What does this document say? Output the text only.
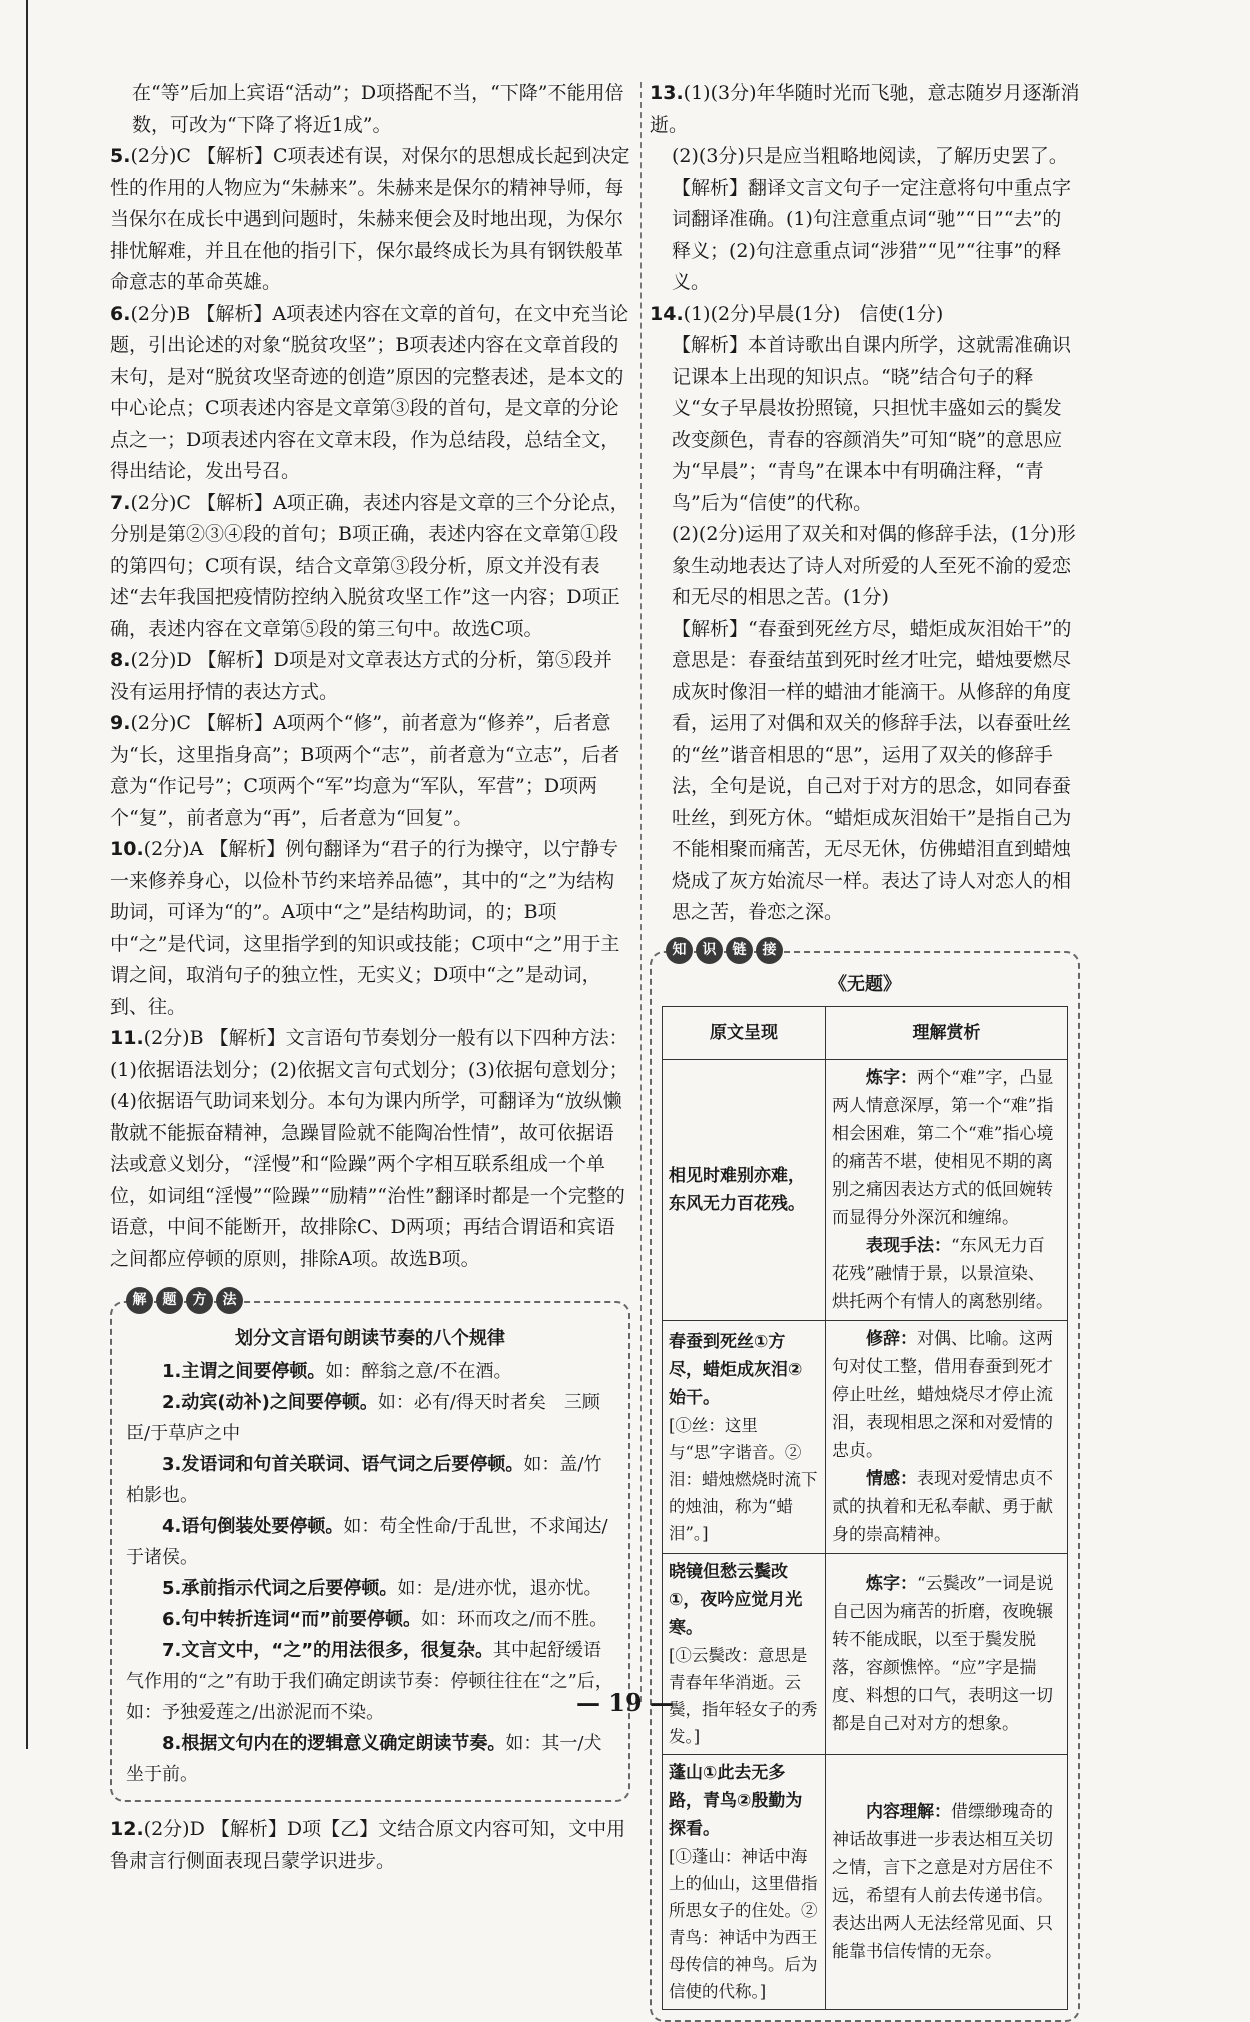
在“等”后加上宾语“活动”；D项搭配不当，“下降”不能用倍数，可改为“下降了将近1成”。

5.(2分)C 【解析】C项表述有误，对保尔的思想成长起到决定性的作用的人物应为“朱赫来”。朱赫来是保尔的精神导师，每当保尔在成长中遇到问题时，朱赫来便会及时地出现，为保尔排忧解难，并且在他的指引下，保尔最终成长为具有钢铁般革命意志的革命英雄。

6.(2分)B 【解析】A项表述内容在文章的首句，在文中充当论题，引出论述的对象“脱贫攻坚”；B项表述内容在文章首段的末句，是对“脱贫攻坚奇迹的创造”原因的完整表述，是本文的中心论点；C项表述内容是文章第③段的首句，是文章的分论点之一；D项表述内容在文章末段，作为总结段，总结全文，得出结论，发出号召。

7.(2分)C 【解析】A项正确，表述内容是文章的三个分论点，分别是第②③④段的首句；B项正确，表述内容在文章第①段的第四句；C项有误，结合文章第③段分析，原文并没有表述“去年我国把疫情防控纳入脱贫攻坚工作”这一内容；D项正确，表述内容在文章第⑤段的第三句中。故选C项。

8.(2分)D 【解析】D项是对文章表达方式的分析，第⑤段并没有运用抒情的表达方式。

9.(2分)C 【解析】A项两个“修”，前者意为“修养”，后者意为“长，这里指身高”；B项两个“志”，前者意为“立志”，后者意为“作记号”；C项两个“军”均意为“军队，军营”；D项两个“复”，前者意为“再”，后者意为“回复”。

10.(2分)A 【解析】例句翻译为“君子的行为操守，以宁静专一来修养身心，以俭朴节约来培养品德”，其中的“之”为结构助词，可译为“的”。A项中“之”是结构助词，的；B项中“之”是代词，这里指学到的知识或技能；C项中“之”用于主谓之间，取消句子的独立性，无实义；D项中“之”是动词，到、往。

11.(2分)B 【解析】文言语句节奏划分一般有以下四种方法：(1)依据语法划分；(2)依据文言句式划分；(3)依据句意划分；(4)依据语气助词来划分。本句为课内所学，可翻译为“放纵懒散就不能振奋精神，急躁冒险就不能陶冶性情”，故可依据语法或意义划分，“淫慢”和“险躁”两个字相互联系组成一个单位，如词组“淫慢”“险躁”“励精”“治性”翻译时都是一个完整的语意，中间不能断开，故排除C、D两项；再结合谓语和宾语之间都应停顿的原则，排除A项。故选B项。

解	题	方	法
划分文言语句朗读节奏的八个规律

1.主谓之间要停顿。如：醉翁之意/不在酒。

2.动宾(动补)之间要停顿。如：必有/得天时者矣　三顾臣/于草庐之中

3.发语词和句首关联词、语气词之后要停顿。如：盖/竹柏影也。

4.语句倒装处要停顿。如：苟全性命/于乱世，不求闻达/于诸侯。

5.承前指示代词之后要停顿。如：是/进亦忧，退亦忧。

6.句中转折连词“而”前要停顿。如：环而攻之/而不胜。

7.文言文中，“之”的用法很多，很复杂。其中起舒缓语气作用的“之”有助于我们确定朗读节奏：停顿往往在“之”后，如：予独爱莲之/出淤泥而不染。

8.根据文句内在的逻辑意义确定朗读节奏。如：其一/犬坐于前。

12.(2分)D 【解析】D项【乙】文结合原文内容可知，文中用鲁肃言行侧面表现吕蒙学识进步。

13.(1)(3分)年华随时光而飞驰，意志随岁月逐渐消逝。

(2)(3分)只是应当粗略地阅读，了解历史罢了。

【解析】翻译文言文句子一定注意将句中重点字词翻译准确。(1)句注意重点词“驰”“日”“去”的释义；(2)句注意重点词“涉猎”“见”“往事”的释义。

14.(1)(2分)早晨(1分)　信使(1分)

【解析】本首诗歌出自课内所学，这就需准确识记课本上出现的知识点。“晓”结合句子的释义“女子早晨妆扮照镜，只担忧丰盛如云的鬓发改变颜色，青春的容颜消失”可知“晓”的意思应为“早晨”；“青鸟”在课本中有明确注释，“青鸟”后为“信使”的代称。

(2)(2分)运用了双关和对偶的修辞手法，(1分)形象生动地表达了诗人对所爱的人至死不渝的爱恋和无尽的相思之苦。(1分)

【解析】“春蚕到死丝方尽，蜡炬成灰泪始干”的意思是：春蚕结茧到死时丝才吐完，蜡烛要燃尽成灰时像泪一样的蜡油才能滴干。从修辞的角度看，运用了对偶和双关的修辞手法，以春蚕吐丝的“丝”谐音相思的“思”，运用了双关的修辞手法，全句是说，自己对于对方的思念，如同春蚕吐丝，到死方休。“蜡炬成灰泪始干”是指自己为不能相聚而痛苦，无尽无休，仿佛蜡泪直到蜡烛烧成了灰方始流尽一样。表达了诗人对恋人的相思之苦，眷恋之深。

知	识	链	接
《无题》
原文呈现	理解赏析

相见时难别亦难，东风无力百花残。	炼字：两个“难”字，凸显两人情意深厚，第一个“难”指相会困难，第二个“难”指心境的痛苦不堪，使相见不期的离别之痛因表达方式的低回婉转而显得分外深沉和缠绵。
表现手法：“东风无力百花残”融情于景，以景渲染、烘托两个有情人的离愁别绪。

春蚕到死丝①方尽，蜡炬成灰泪②始干。
[①丝：这里与“思”字谐音。②泪：蜡烛燃烧时流下的烛油，称为“蜡泪”。]	修辞：对偶、比喻。这两句对仗工整，借用春蚕到死才停止吐丝，蜡烛烧尽才停止流泪，表现相思之深和对爱情的忠贞。
情感：表现对爱情忠贞不贰的执着和无私奉献、勇于献身的崇高精神。

晓镜但愁云鬓改①，夜吟应觉月光寒。
[①云鬓改：意思是青春年华消逝。云鬓，指年轻女子的秀发。]	炼字：“云鬓改”一词是说自己因为痛苦的折磨，夜晚辗转不能成眠，以至于鬓发脱落，容颜憔悴。“应”字是揣度、料想的口气，表明这一切都是自己对对方的想象。

蓬山①此去无多路，青鸟②殷勤为探看。
[①蓬山：神话中海上的仙山，这里借指所思女子的住处。②青鸟：神话中为西王母传信的神鸟。后为信使的代称。]	内容理解：借缥缈瑰奇的神话故事进一步表达相互关切之情，言下之意是对方居住不远，希望有人前去传递书信。表达出两人无法经常见面、只能靠书信传情的无奈。
— 19 —
